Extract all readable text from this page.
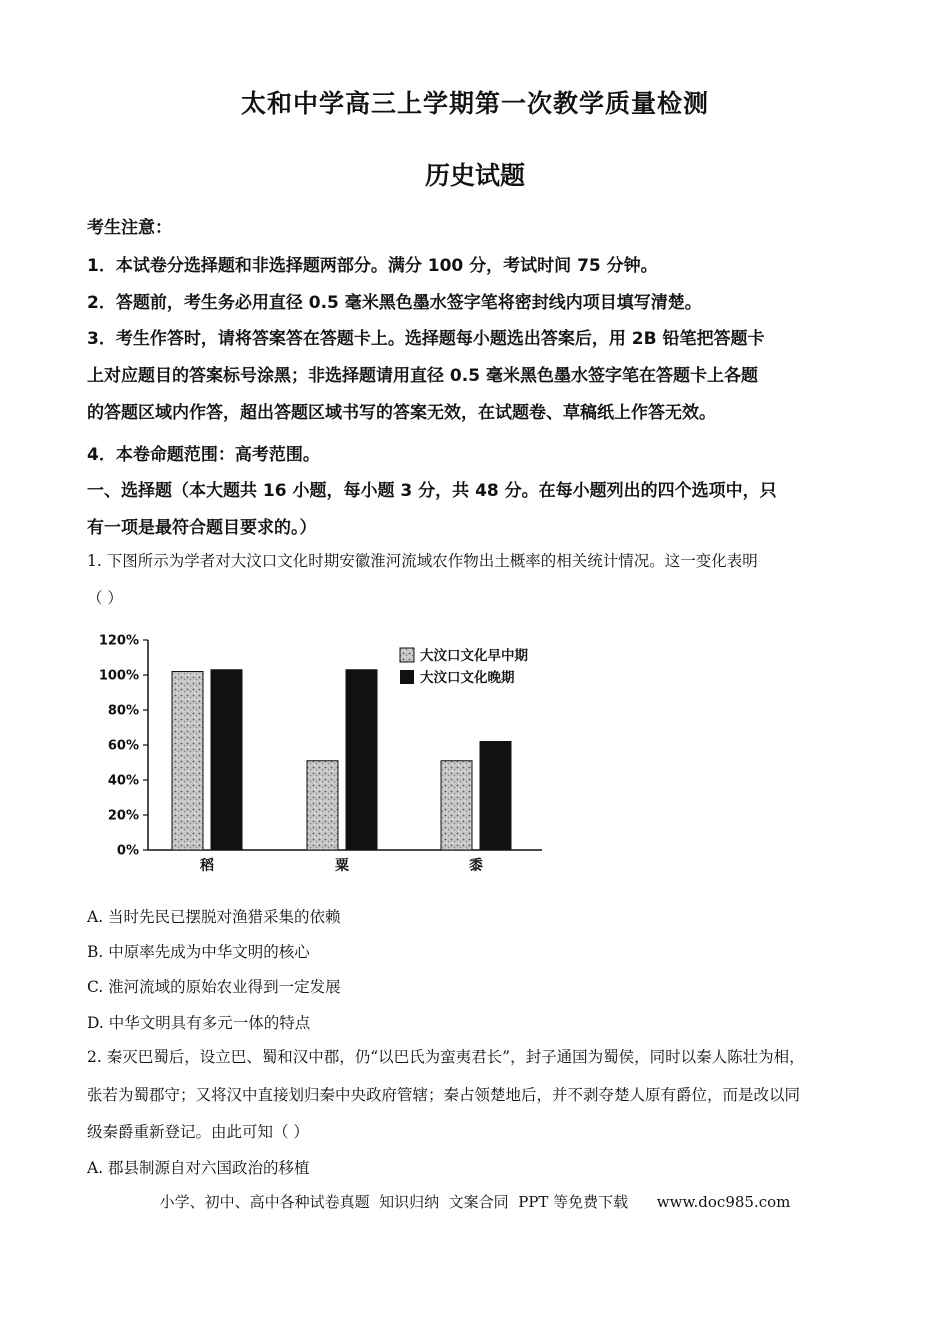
太和中学高三上学期第一次教学质量检测
历史试题
考生注意：
1．本试卷分选择题和非选择题两部分。满分 100 分，考试时间 75 分钟。
2．答题前，考生务必用直径 0.5 毫米黑色墨水签字笔将密封线内项目填写清楚。
3．考生作答时，请将答案答在答题卡上。选择题每小题选出答案后，用 2B 铅笔把答题卡
上对应题目的答案标号涂黑；非选择题请用直径 0.5 毫米黑色墨水签字笔在答题卡上各题
的答题区域内作答，超出答题区域书写的答案无效，在试题卷、草稿纸上作答无效。
4．本卷命题范围：高考范围。
一、选择题（本大题共 16 小题，每小题 3 分，共 48 分。在每小题列出的四个选项中，只
有一项是最符合题目要求的。）
1. 下图所示为学者对大汶口文化时期安徽淮河流域农作物出土概率的相关统计情况。这一变化表明
（ ）
0%
20%
40%
60%
80%
100%
120%
稻	粟	黍
大汶口文化早中期
大汶口文化晚期
A. 当时先民已摆脱对渔猎采集的依赖
B. 中原率先成为中华文明的核心
C. 淮河流域的原始农业得到一定发展
D. 中华文明具有多元一体的特点
2. 秦灭巴蜀后，设立巴、蜀和汉中郡，仍“以巴氏为蛮夷君长”，封子通国为蜀侯，同时以秦人陈壮为相，
张若为蜀郡守；又将汉中直接划归秦中央政府管辖；秦占领楚地后，并不剥夺楚人原有爵位，而是改以同
级秦爵重新登记。由此可知（ ）
A. 郡县制源自对六国政治的移植
小学、初中、高中各种试卷真题  知识归纳  文案合同  PPT 等免费下载      www.doc985.com
